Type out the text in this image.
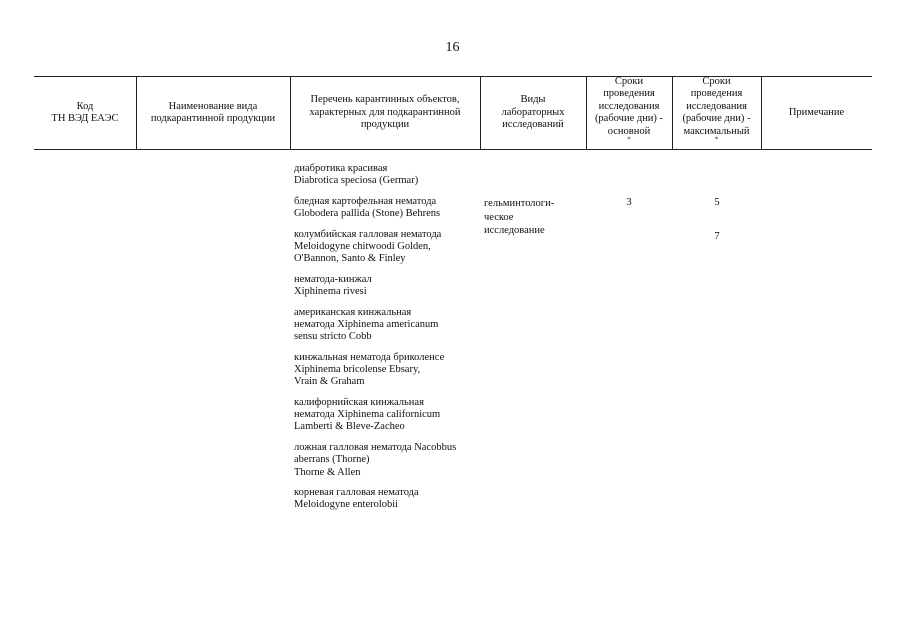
16
Код
ТН ВЭД ЕАЭС
Наименование вида
подкарантинной продукции
Перечень карантинных объектов,
характерных для подкарантинной
продукции
Виды
лабораторных
исследований
Сроки
проведения
исследования
(рабочие дни) -
основной
*
Сроки
проведения
исследования
(рабочие дни) -
максимальный
*
Примечание
диабротика красивая
Diabrotica speciosa (Germar)
бледная картофельная нематода
Globodera pallida (Stone) Behrens
колумбийская галловая нематода
Meloidogyne chitwoodi Golden,
O'Bannon, Santo & Finley
нематода-кинжал
Xiphinema rivesi
американская кинжальная
нематода Xiphinema americanum
sensu stricto Cobb
кинжальная нематода бриколенсе
Xiphinema bricolense Ebsary,
Vrain & Graham
калифорнийская кинжальная
нематода Xiphinema californicum
Lamberti & Bleve-Zacheo
ложная галловая нематода Nacobbus
aberrans (Thorne)
Thorne & Allen
корневая галловая нематода
Meloidogyne enterolobii
гельминтологи-
ческое
исследование
3	5
7
